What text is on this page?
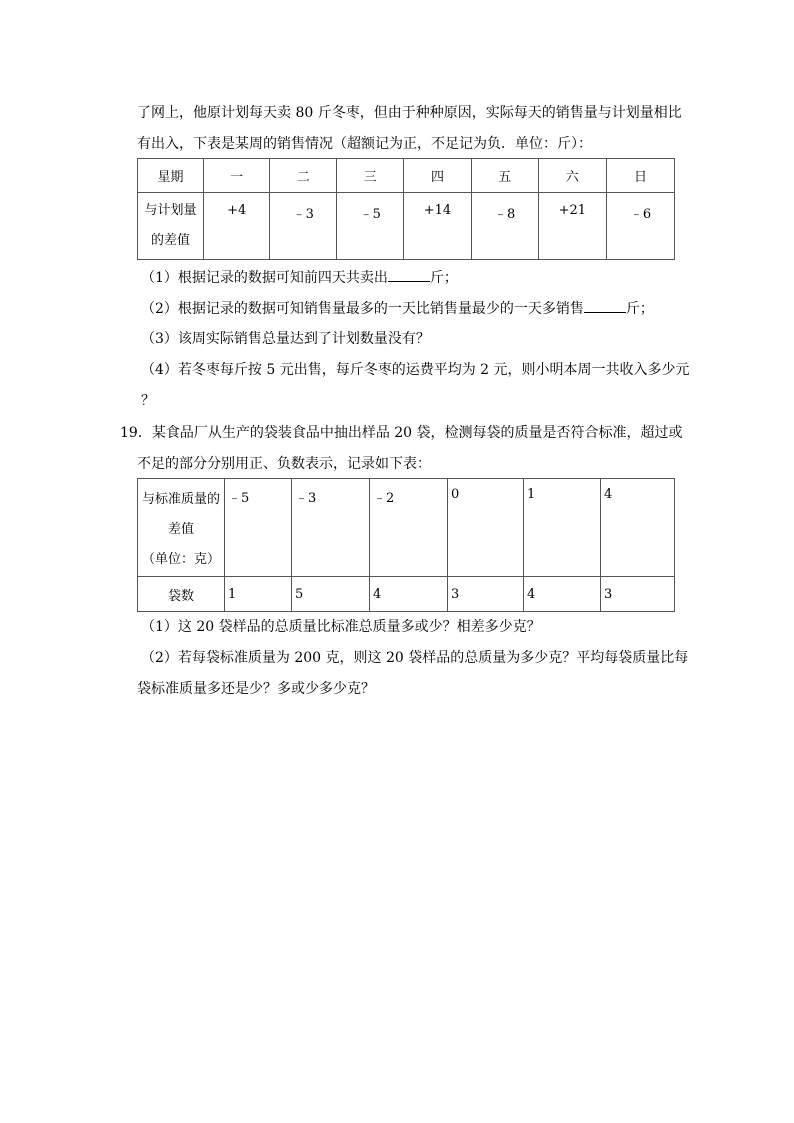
了网上，他原计划每天卖 80 斤冬枣，但由于种种原因，实际每天的销售量与计划量相比
有出入，下表是某周的销售情况（超额记为正，不足记为负．单位：斤）：
星期	一	二	三	四	五	六	日

与计划量
的差值	+4	﹣3	﹣5	+14	﹣8	+21	﹣6
（1）根据记录的数据可知前四天共卖出	斤；
（2）根据记录的数据可知销售量最多的一天比销售量最少的一天多销售	斤；
（3）该周实际销售总量达到了计划数量没有？
（4）若冬枣每斤按 5 元出售，每斤冬枣的运费平均为 2 元，则小明本周一共收入多少元
？
19．某食品厂从生产的袋装食品中抽出样品 20 袋，检测每袋的质量是否符合标准，超过或
不足的部分分别用正、负数表示，记录如下表：
与标准质量的
差值
（单位：克）	﹣5	﹣3	﹣2	0	1	4
袋数	1	5	4	3	4	3
（1）这 20 袋样品的总质量比标准总质量多或少？相差多少克？
（2）若每袋标准质量为 200 克，则这 20 袋样品的总质量为多少克？平均每袋质量比每
袋标准质量多还是少？多或少多少克？
